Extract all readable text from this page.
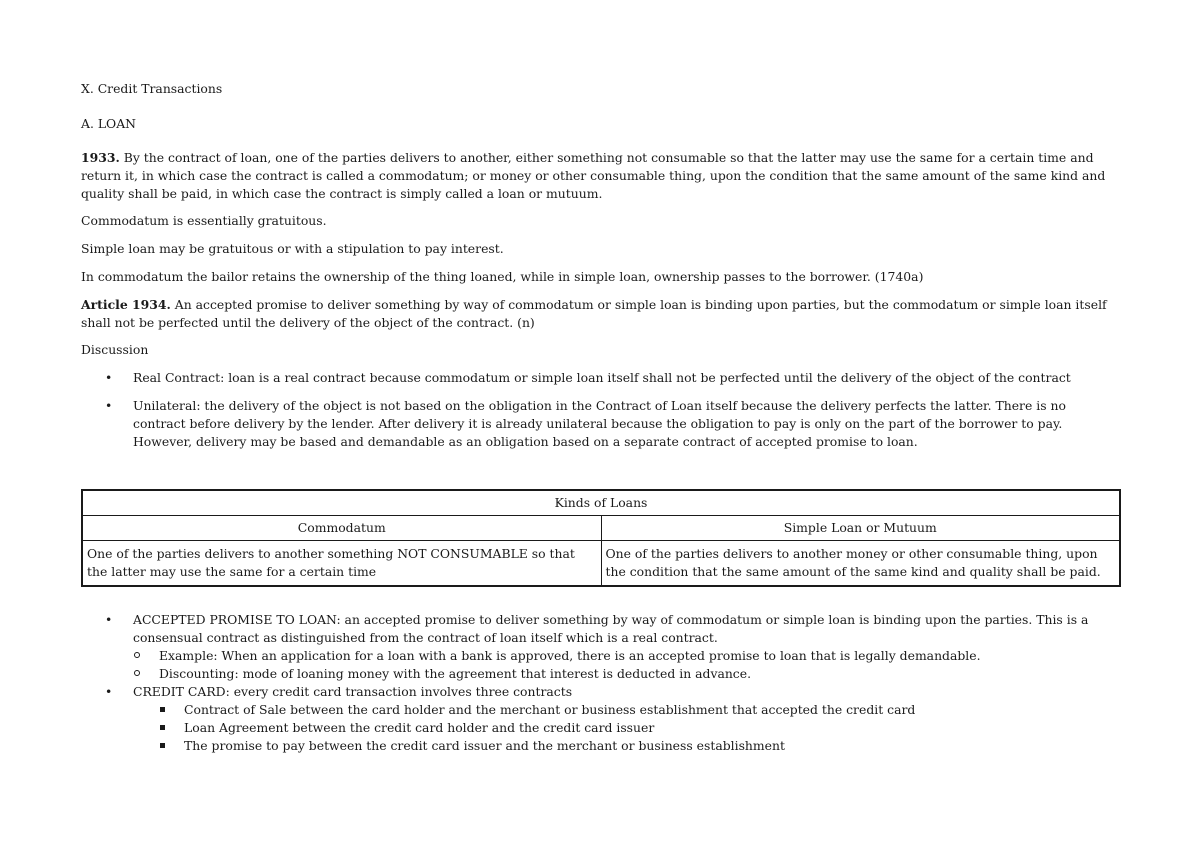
X. Credit Transactions

A. LOAN

1933. By the contract of loan, one of the parties delivers to another, either something not consumable so that the latter may use the same for a certain time and return it, in which case the contract is called a commodatum; or money or other consumable thing, upon the condition that the same amount of the same kind and quality shall be paid, in which case the contract is simply called a loan or mutuum.

Commodatum is essentially gratuitous.

Simple loan may be gratuitous or with a stipulation to pay interest.

In commodatum the bailor retains the ownership of the thing loaned, while in simple loan, ownership passes to the borrower. (1740a)

Article 1934. An accepted promise to deliver something by way of commodatum or simple loan is binding upon parties, but the commodatum or simple loan itself shall not be perfected until the delivery of the object of the contract. (n)

Discussion

• Real Contract: loan is a real contract because commodatum or simple loan itself shall not be perfected until the delivery of the object of the contract
• Unilateral: the delivery of the object is not based on the obligation in the Contract of Loan itself because the delivery perfects the latter. There is no contract before delivery by the lender. After delivery it is already unilateral because the obligation to pay is only on the part of the borrower to pay. However, delivery may be based and demandable as an obligation based on a separate contract of accepted promise to loan.
Kinds of Loans	
Commodatum	Simple Loan or Mutuum
One of the parties delivers to another something NOT CONSUMABLE so that the latter may use the same for a certain time	One of the parties delivers to another money or other consumable thing, upon the condition that the same amount of the same kind and quality shall be paid.

• ACCEPTED PROMISE TO LOAN: an accepted promise to deliver something by way of commodatum or simple loan is binding upon the parties. This is a consensual contract as distinguished from the contract of loan itself which is a real contract.

Example: When an application for a loan with a bank is approved, there is an accepted promise to loan that is legally demandable.

Discounting: mode of loaning money with the agreement that interest is deducted in advance.

• CREDIT CARD: every credit card transaction involves three contracts

Contract of Sale between the card holder and the merchant or business establishment that accepted the credit card

Loan Agreement between the credit card holder and the credit card issuer

The promise to pay between the credit card issuer and the merchant or business establishment
